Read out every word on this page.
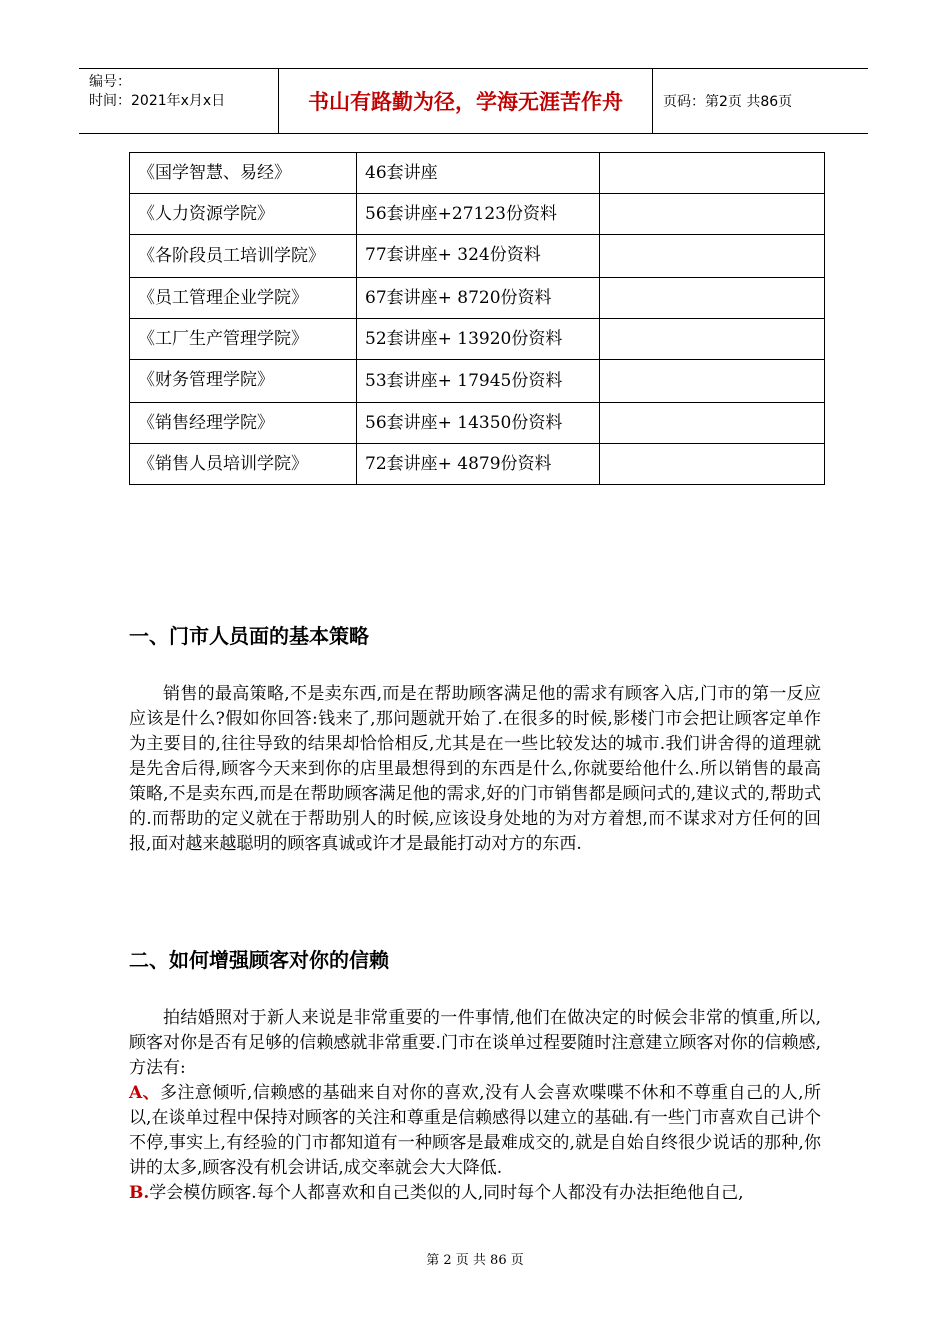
编号：
时间：2021年x月x日	书山有路勤为径，学海无涯苦作舟	页码：第2页 共86页
《国学智慧、易经》	46套讲座	
《人力资源学院》	56套讲座+27123份资料	
《各阶段员工培训学院》	77套讲座+ 324份资料	
《员工管理企业学院》	67套讲座+ 8720份资料	
《工厂生产管理学院》	52套讲座+ 13920份资料	
《财务管理学院》	53套讲座+ 17945份资料	
《销售经理学院》	56套讲座+ 14350份资料	
《销售人员培训学院》	72套讲座+ 4879份资料	
一、门市人员面的基本策略
销售的最高策略,不是卖东西,而是在帮助顾客满足他的需求有顾客入店,门市的第一反应应该是什么?假如你回答:钱来了,那问题就开始了.在很多的时候,影楼门市会把让顾客定单作为主要目的,往往导致的结果却恰恰相反,尤其是在一些比较发达的城市.我们讲舍得的道理就是先舍后得,顾客今天来到你的店里最想得到的东西是什么,你就要给他什么.所以销售的最高策略,不是卖东西,而是在帮助顾客满足他的需求,好的门市销售都是顾问式的,建议式的,帮助式的.而帮助的定义就在于帮助别人的时候,应该设身处地的为对方着想,而不谋求对方任何的回报,面对越来越聪明的顾客真诚或许才是最能打动对方的东西.
二、如何增强顾客对你的信赖
拍结婚照对于新人来说是非常重要的一件事情,他们在做决定的时候会非常的慎重,所以,顾客对你是否有足够的信赖感就非常重要.门市在谈单过程要随时注意建立顾客对你的信赖感,方法有:
A、多注意倾听,信赖感的基础来自对你的喜欢,没有人会喜欢喋喋不休和不尊重自己的人,所以,在谈单过程中保持对顾客的关注和尊重是信赖感得以建立的基础.有一些门市喜欢自己讲个不停,事实上,有经验的门市都知道有一种顾客是最难成交的,就是自始自终很少说话的那种,你讲的太多,顾客没有机会讲话,成交率就会大大降低.
B.学会模仿顾客.每个人都喜欢和自己类似的人,同时每个人都没有办法拒绝他自己,
第 2 页 共 86 页
